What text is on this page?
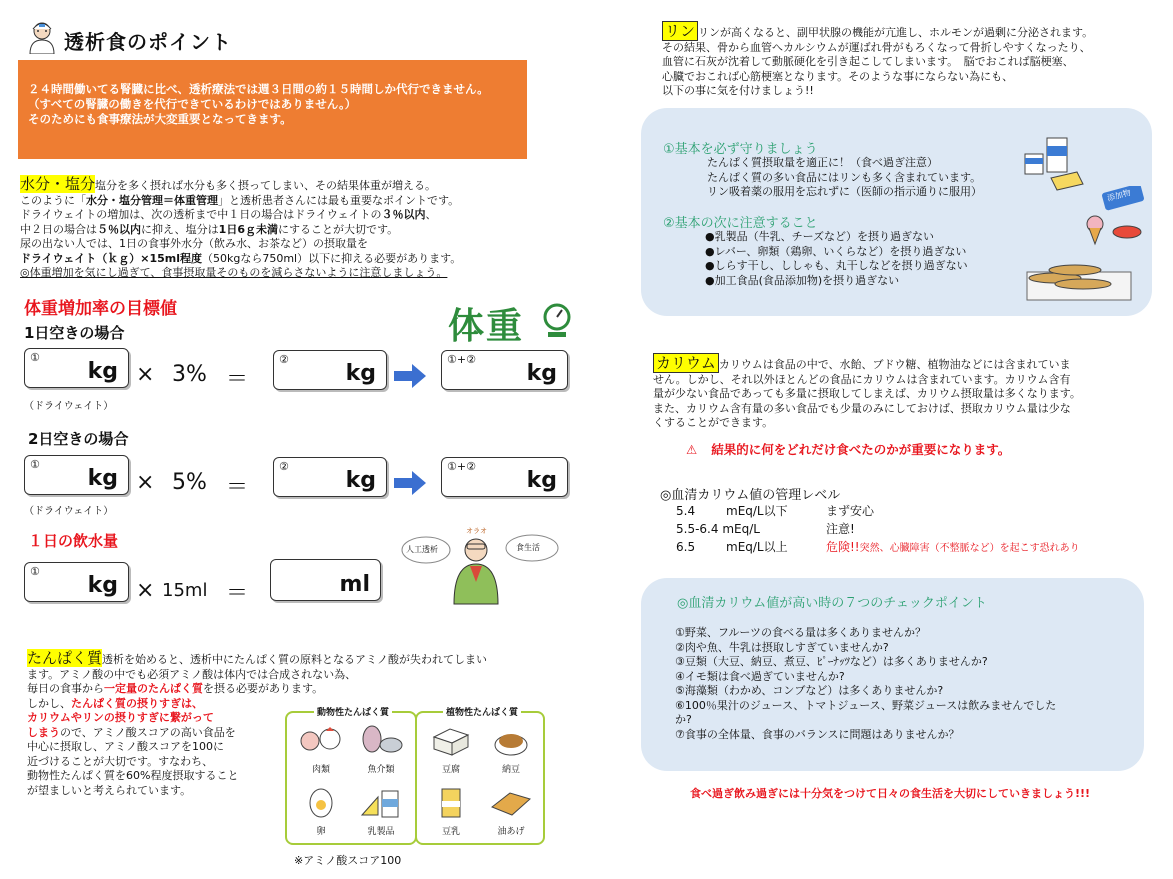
透析食のポイント
２４時間働いてる腎臓に比べ、透析療法では週３日間の約１５時間しか代行できません。
（すべての腎臓の働きを代行できているわけではありません。）
そのためにも食事療法が大変重要となってきます。
水分・塩分塩分を多く摂れば水分も多く摂ってしまい、その結果体重が増える。
このように「水分・塩分管理＝体重管理」と透析患者さんには最も重要なポイントです。
ドライウェイトの増加は、次の透析まで中１日の場合はドライウェイトの３％以内、
中２日の場合は５％以内に抑え、塩分は1日6ｇ未満にすることが大切です。
尿の出ない人では、1日の食事外水分（飲み水、お茶など）の摂取量を
ドライウェイト（ｋｇ）×15ml程度（50kgなら750ml）以下に抑える必要があります。
◎体重増加を気にし過ぎて、食事摂取量そのものを減らさないように注意しましょう。
体重増加率の目標値
1日空きの場合	体重
①
kg × 3% ＝
②
kg
①+②
kg
（ドライウェイト）
2日空きの場合
①
kg × 5% ＝
②
kg
①+②
kg
（ドライウェイト）
１日の飲水量
①
kg × 15ml ＝	ml
人工透析
オラオ
食生活
たんぱく質透析を始めると、透析中にたんぱく質の原料となるアミノ酸が失われてしまい
ます。アミノ酸の中でも必須アミノ酸は体内では合成されない為、
毎日の食事から一定量のたんぱく質を摂る必要があります。
しかし、たんぱく質の摂りすぎは、
カリウムやリンの摂りすぎに繋がって
しまうので、アミノ酸スコアの高い食品を
中心に摂取し、アミノ酸スコアを100に
近づけることが大切です。すなわち、
動物性たんぱく質を60%程度摂取すること
が望ましいと考えられています。
動物性たんぱく質
肉類	魚介類
卵	乳製品
植物性たんぱく質
豆腐	納豆
豆乳	油あげ
※アミノ酸スコア100
リン リンが高くなると、副甲状腺の機能が亢進し、ホルモンが過剰に分泌されます。
その結果、骨から血管へカルシウムが運ばれ骨がもろくなって骨折しやすくなったり、
血管に石灰が沈着して動脈硬化を引き起こしてしまいます。　脳でおこれば脳梗塞、
心臓でおこれば心筋梗塞となります。そのような事にならない為にも、
以下の事に気を付けましょう!!
①基本を必ず守りましょう
たんぱく質摂取量を適正に！（食べ過ぎ注意）
たんぱく質の多い食品にはリンも多く含まれています。
リン吸着薬の服用を忘れずに（医師の指示通りに服用）
②基本の次に注意すること
●乳製品（牛乳、チーズなど）を摂り過ぎない
●レバー、卵類（鶏卵、いくらなど）を摂り過ぎない
●しらす干し、ししゃも、丸干しなどを摂り過ぎない
●加工食品(食品添加物)を摂り過ぎない
添加物
カリウム カリウムは食品の中で、水飴、ブドウ糖、植物油などには含まれていま
せん。しかし、それ以外ほとんどの食品にカリウムは含まれています。カリウム含有
量が少ない食品であっても多量に摂取してしまえば、カリウム摂取量は多くなります。
また、カリウム含有量の多い食品でも少量のみにしておけば、摂取カリウム量は少な
くすることができます。
⚠ 結果的に何をどれだけ食べたのかが重要になります。
◎血清カリウム値の管理レベル
5.4	mEq/L以下	まず安心
5.5-6.4 mEq/L	注意!
6.5	mEq/L以上	危険!!突然、心臓障害（不整脈など）を起こす恐れあり
◎血清カリウム値が高い時の７つのチェックポイント
①野菜、フルーツの食べる量は多くありませんか？
②肉や魚、牛乳は摂取しすぎていませんか?
③豆類（大豆、納豆、煮豆、ﾋﾟｰﾅｯﾂなど）は多くありませんか?
④イモ類は食べ過ぎていませんか?
⑤海藻類（わかめ、コンブなど）は多くありませんか?
⑥100％果汁のジュース、トマトジュース、野菜ジュースは飲みませんでした
か?
⑦食事の全体量、食事のバランスに問題はありませんか？
食べ過ぎ飲み過ぎには十分気をつけて日々の食生活を大切にしていきましょう!!!
